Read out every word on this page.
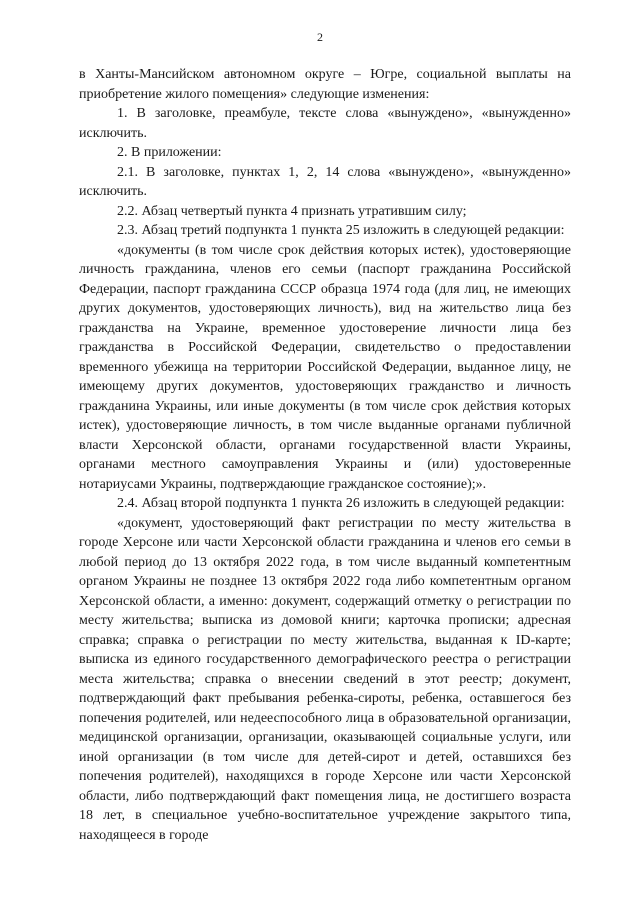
2

в Ханты-Мансийском автономном округе – Югре, социальной выплаты на приобретение жилого помещения» следующие изменения:

1. В заголовке, преамбуле, тексте слова «вынуждено», «вынужденно» исключить.

2. В приложении:

2.1. В заголовке, пунктах 1, 2, 14 слова «вынуждено», «вынужденно» исключить.

2.2. Абзац четвертый пункта 4 признать утратившим силу;

2.3. Абзац третий подпункта 1 пункта 25 изложить в следующей редакции:

«документы (в том числе срок действия которых истек), удостоверяющие личность гражданина, членов его семьи (паспорт гражданина Российской Федерации, паспорт гражданина СССР образца 1974 года (для лиц, не имеющих других документов, удостоверяющих личность), вид на жительство лица без гражданства на Украине, временное удостоверение личности лица без гражданства в Российской Федерации, свидетельство о предоставлении временного убежища на территории Российской Федерации, выданное лицу, не имеющему других документов, удостоверяющих гражданство и личность гражданина Украины, или иные документы (в том числе срок действия которых истек), удостоверяющие личность, в том числе выданные органами публичной власти Херсонской области, органами государственной власти Украины, органами местного самоуправления Украины и (или) удостоверенные нотариусами Украины, подтверждающие гражданское состояние);».

2.4. Абзац второй подпункта 1 пункта 26 изложить в следующей редакции:

«документ, удостоверяющий факт регистрации по месту жительства в городе Херсоне или части Херсонской области гражданина и членов его семьи в любой период до 13 октября 2022 года, в том числе выданный компетентным органом Украины не позднее 13 октября 2022 года либо компетентным органом Херсонской области, а именно: документ, содержащий отметку о регистрации по месту жительства; выписка из домовой книги; карточка прописки; адресная справка; справка о регистрации по месту жительства, выданная к ID-карте; выписка из единого государственного демографического реестра о регистрации места жительства; справка о внесении сведений в этот реестр; документ, подтверждающий факт пребывания ребенка-сироты, ребенка, оставшегося без попечения родителей, или недееспособного лица в образовательной организации, медицинской организации, организации, оказывающей социальные услуги, или иной организации (в том числе для детей-сирот и детей, оставшихся без попечения родителей), находящихся в городе Херсоне или части Херсонской области, либо подтверждающий факт помещения лица, не достигшего возраста 18 лет, в специальное учебно-воспитательное учреждение закрытого типа, находящееся в городе
